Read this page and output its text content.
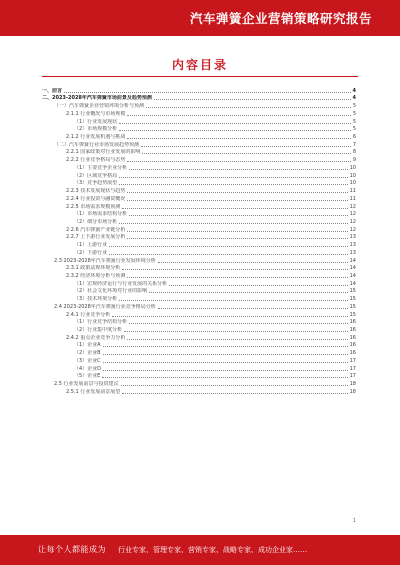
汽车弹簧企业营销策略研究报告
内容目录
一、前言	4
二、2023-2028年汽车弹簧市场前景及趋势预测	4
（一）汽车弹簧企业营销环境分析与预测	5
2.1.1 行业概况与市场规模	5
（1）行业发展现状	5
（2）市场规模分析	5
2.1.2 行业发展机遇与挑战	6
（二）汽车弹簧行业市场发展趋势预测	7
2.2.1 国家政策对行业发展的影响	8
2.2.2 行业竞争格局与态势	9
（1）主要竞争企业分析	10
（2）区域竞争格局	10
（3）竞争趋势展望	10
2.2.3 技术发展现状与趋势	11
2.2.4 行业投资与融资概况	11
2.2.5 市场需求规模预测	12
（1）市场需求结构分析	12
（2）细分市场分析	12
2.2.6 汽车弹簧产业链分析	12
2.2.7 上下游行业发展分析	13
（1）上游行业	13
（2）下游行业	13
2.3 2023-2028年汽车弹簧行业发展环境分析	14
2.3.1 政策法规环境分析	14
2.3.2 经济环境分析与预测	14
（1）宏观经济运行与行业发展的关系分析	14
（2）社会文化环境对行业的影响	15
（3）技术环境分析	15
2.4 2023-2028年汽车弹簧行业竞争格局分析	15
2.4.1 行业竞争分析	15
（1）行业竞争结构分析	16
（2）行业集中度分析	16
2.4.2 重点企业竞争力分析	16
（1）企业A	16
（2）企业B	16
（3）企业C	17
（4）企业D	17
（5）企业E	17
2.5 行业发展前景与投资建议	18
2.5.1 行业发展前景展望	18
1
让每个人都能成为 行业专家、管理专家、营销专家、战略专家、成功企业家……
